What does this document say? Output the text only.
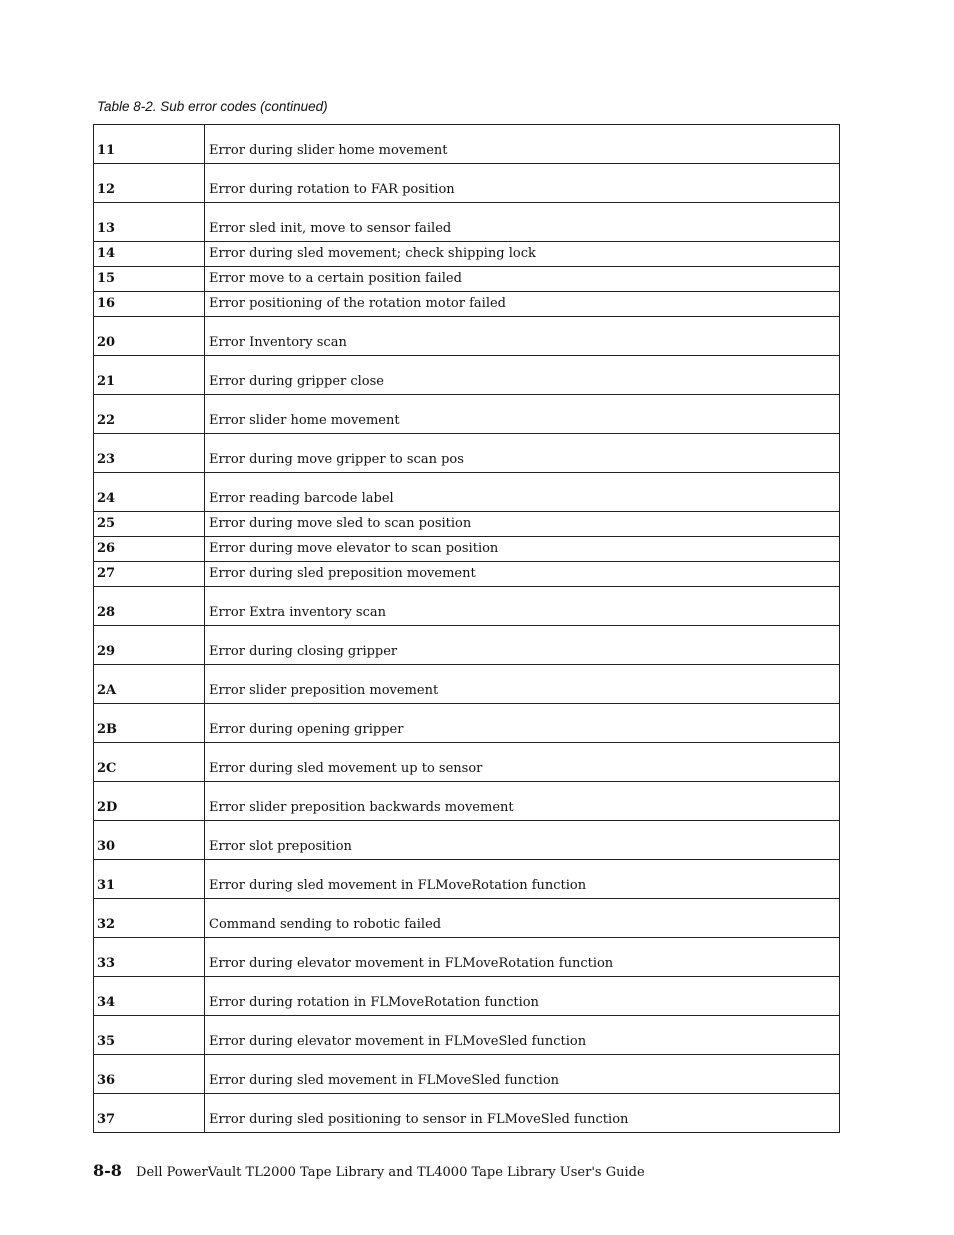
Table 8-2. Sub error codes (continued)
11	Error during slider home movement
12	Error during rotation to FAR position
13	Error sled init, move to sensor failed
14	Error during sled movement; check shipping lock
15	Error move to a certain position failed
16	Error positioning of the rotation motor failed
20	Error Inventory scan
21	Error during gripper close
22	Error slider home movement
23	Error during move gripper to scan pos
24	Error reading barcode label
25	Error during move sled to scan position
26	Error during move elevator to scan position
27	Error during sled preposition movement
28	Error Extra inventory scan
29	Error during closing gripper
2A	Error slider preposition movement
2B	Error during opening gripper
2C	Error during sled movement up to sensor
2D	Error slider preposition backwards movement
30	Error slot preposition
31	Error during sled movement in FLMoveRotation function
32	Command sending to robotic failed
33	Error during elevator movement in FLMoveRotation function
34	Error during rotation in FLMoveRotation function
35	Error during elevator movement in FLMoveSled function
36	Error during sled movement in FLMoveSled function
37	Error during sled positioning to sensor in FLMoveSled function
8-8 Dell PowerVault TL2000 Tape Library and TL4000 Tape Library User's Guide
